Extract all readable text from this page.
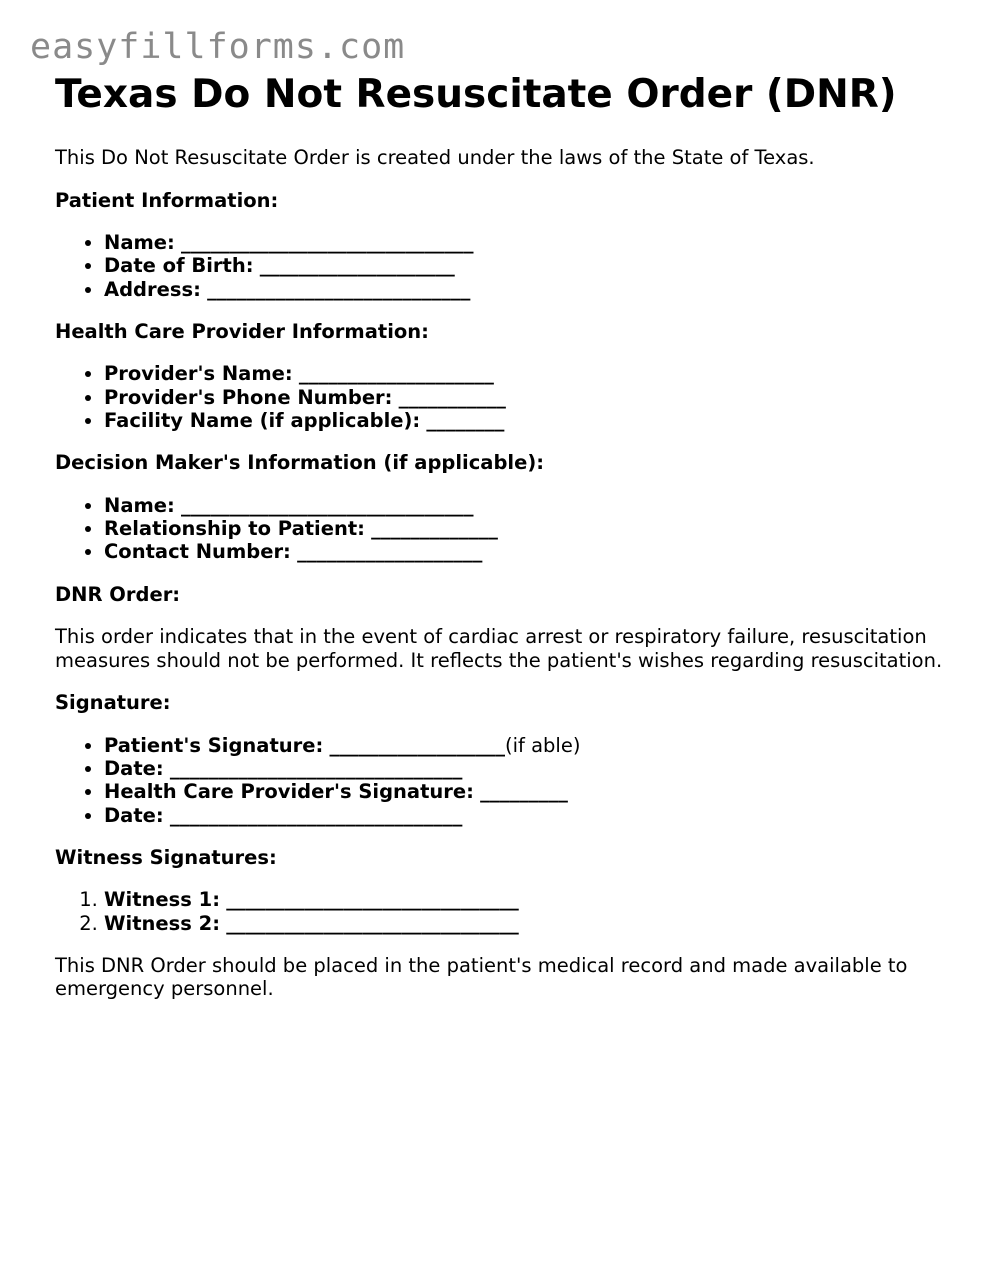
easyfillforms.com
Texas Do Not Resuscitate Order (DNR)

This Do Not Resuscitate Order is created under the laws of the State of Texas.

Patient Information:

• Name: ______________________________
• Date of Birth: ____________________
• Address: ___________________________

Health Care Provider Information:

• Provider's Name: ____________________
• Provider's Phone Number: ___________
• Facility Name (if applicable): ________

Decision Maker's Information (if applicable):

• Name: ______________________________
• Relationship to Patient: _____________
• Contact Number: ___________________

DNR Order:

This order indicates that in the event of cardiac arrest or respiratory failure, resuscitation measures should not be performed. It reflects the patient's wishes regarding resuscitation.

Signature:

• Patient's Signature: __________________(if able)
• Date: ______________________________
• Health Care Provider's Signature: _________
• Date: ______________________________

Witness Signatures:

1. Witness 1: ______________________________
2. Witness 2: ______________________________

This DNR Order should be placed in the patient's medical record and made available to emergency personnel.
